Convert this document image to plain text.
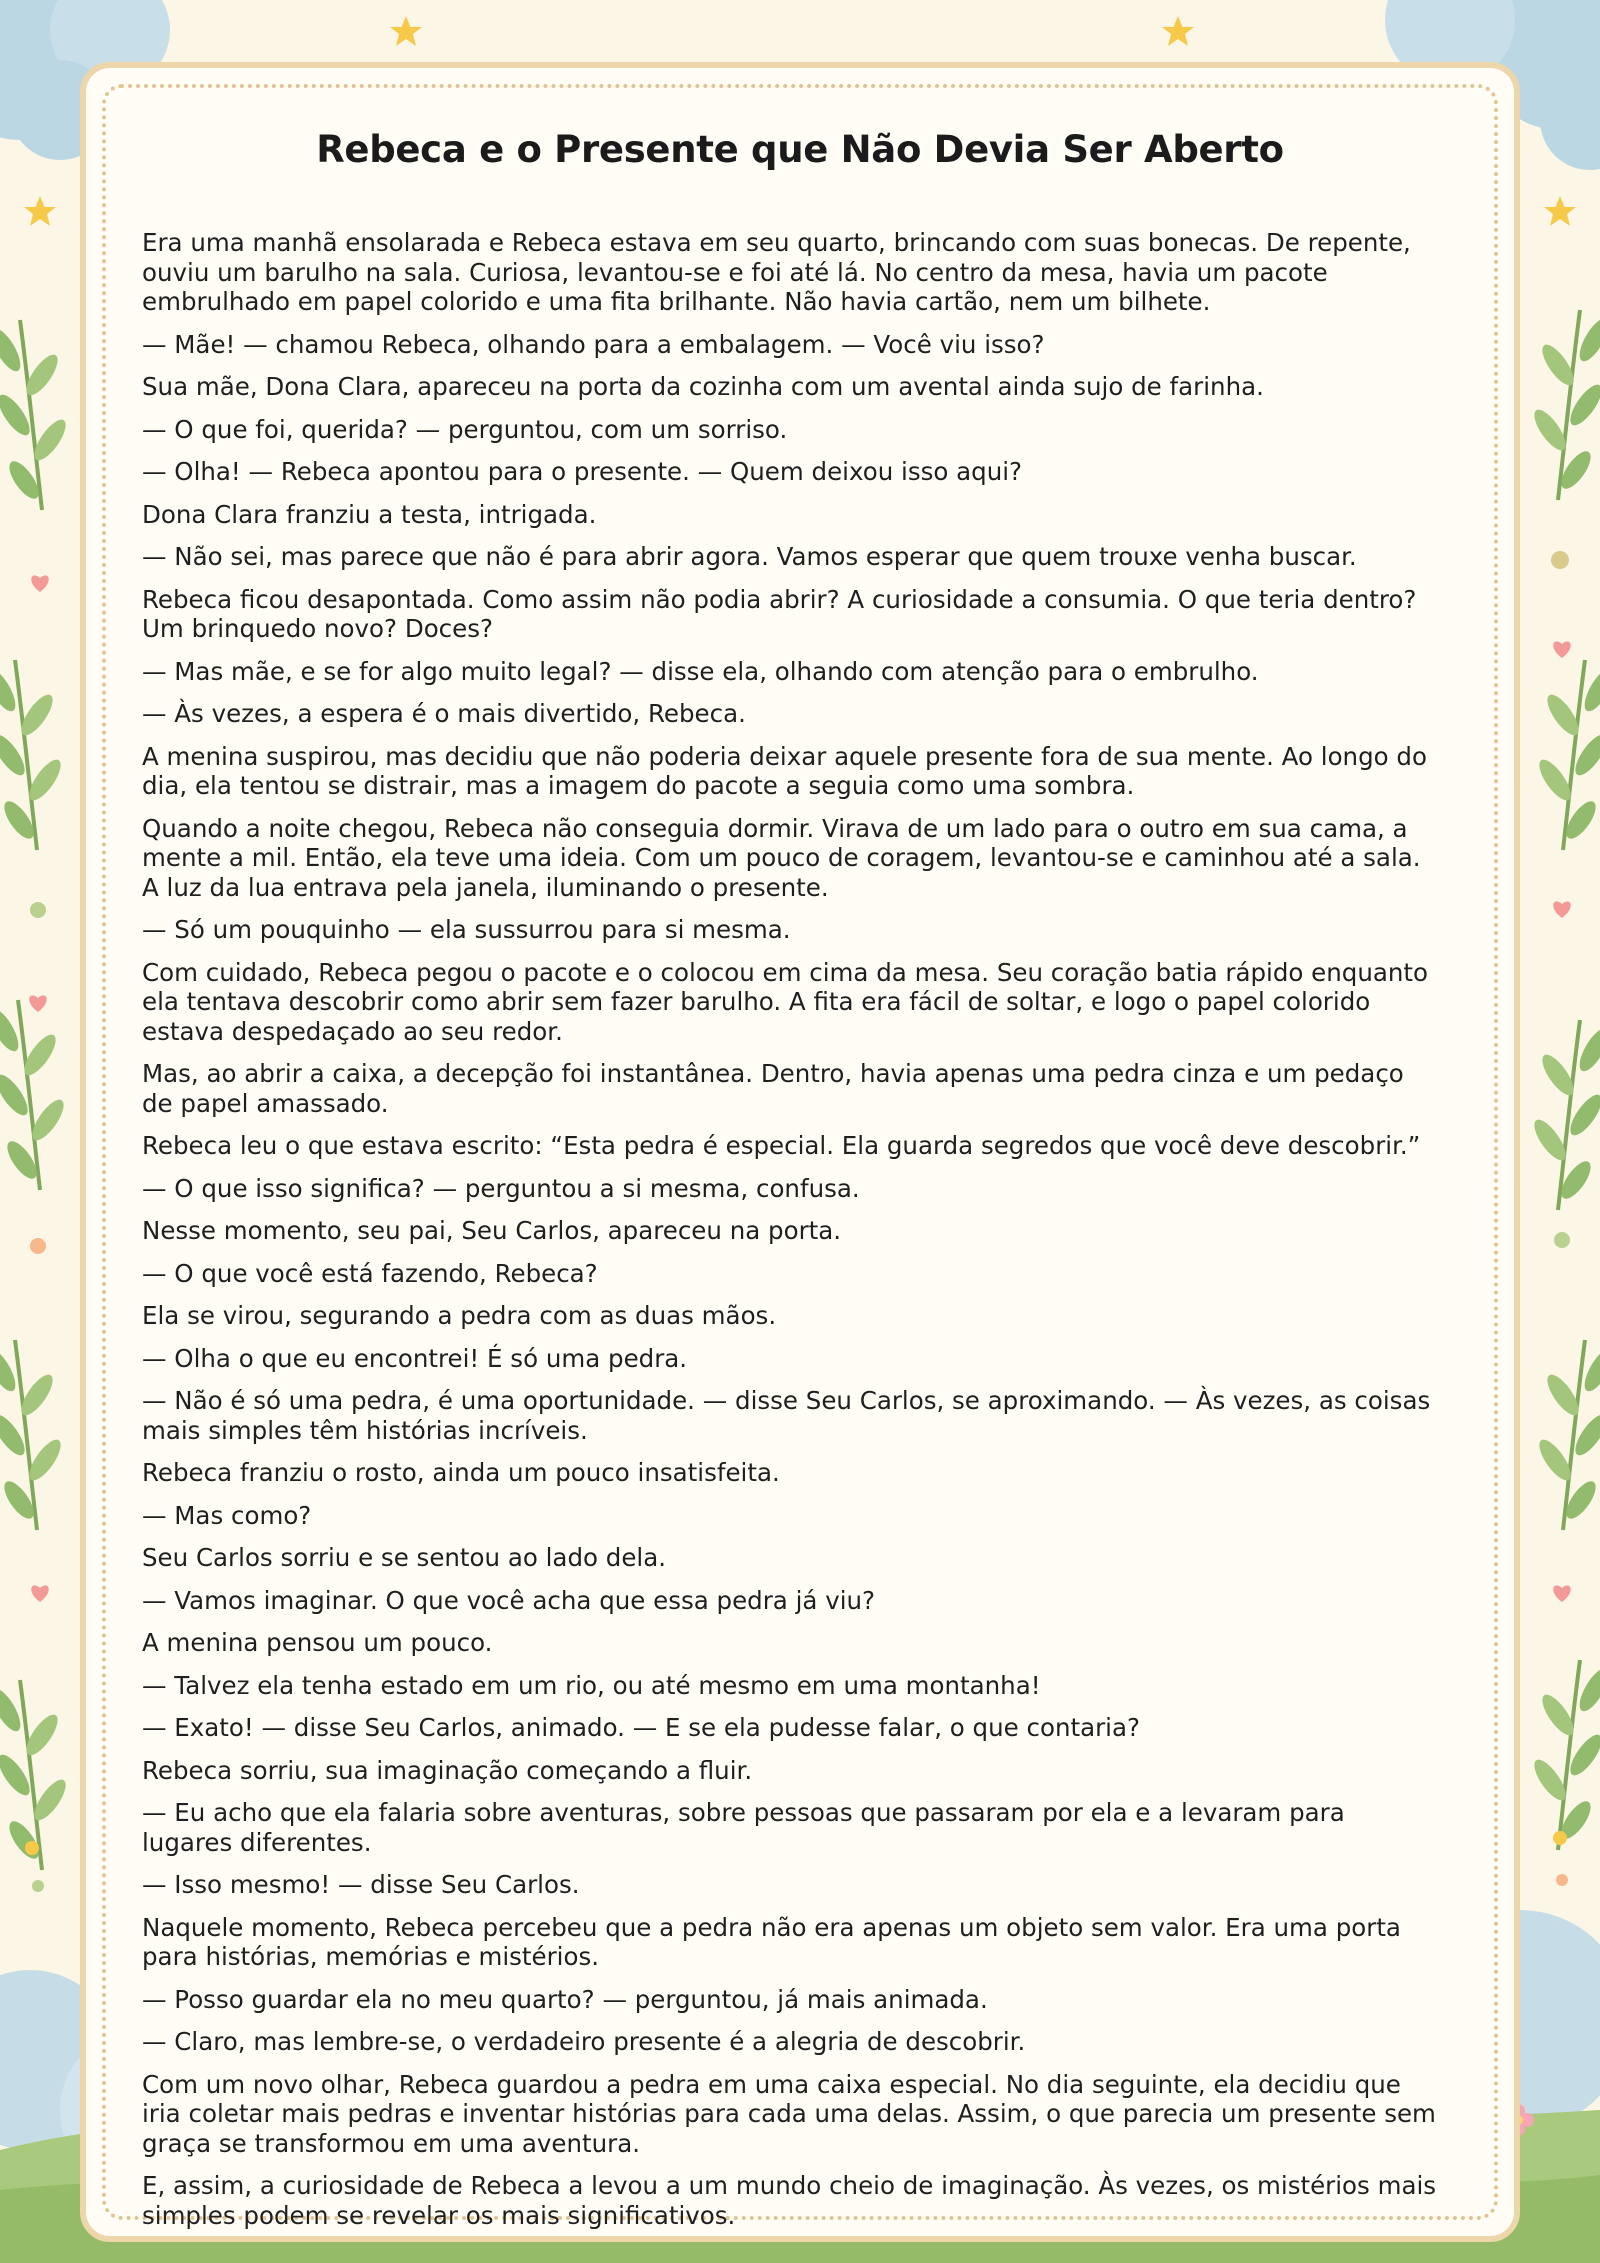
Rebeca e o Presente que Não Devia Ser Aberto

Era uma manhã ensolarada e Rebeca estava em seu quarto, brincando com suas bonecas. De repente, ouviu um barulho na sala. Curiosa, levantou-se e foi até lá. No centro da mesa, havia um pacote embrulhado em papel colorido e uma fita brilhante. Não havia cartão, nem um bilhete.

— Mãe! — chamou Rebeca, olhando para a embalagem. — Você viu isso?

Sua mãe, Dona Clara, apareceu na porta da cozinha com um avental ainda sujo de farinha.

— O que foi, querida? — perguntou, com um sorriso.

— Olha! — Rebeca apontou para o presente. — Quem deixou isso aqui?

Dona Clara franziu a testa, intrigada.

— Não sei, mas parece que não é para abrir agora. Vamos esperar que quem trouxe venha buscar.

Rebeca ficou desapontada. Como assim não podia abrir? A curiosidade a consumia. O que teria dentro? Um brinquedo novo? Doces?

— Mas mãe, e se for algo muito legal? — disse ela, olhando com atenção para o embrulho.

— Às vezes, a espera é o mais divertido, Rebeca.

A menina suspirou, mas decidiu que não poderia deixar aquele presente fora de sua mente. Ao longo do dia, ela tentou se distrair, mas a imagem do pacote a seguia como uma sombra.

Quando a noite chegou, Rebeca não conseguia dormir. Virava de um lado para o outro em sua cama, a mente a mil. Então, ela teve uma ideia. Com um pouco de coragem, levantou-se e caminhou até a sala. A luz da lua entrava pela janela, iluminando o presente.

— Só um pouquinho — ela sussurrou para si mesma.

Com cuidado, Rebeca pegou o pacote e o colocou em cima da mesa. Seu coração batia rápido enquanto ela tentava descobrir como abrir sem fazer barulho. A fita era fácil de soltar, e logo o papel colorido estava despedaçado ao seu redor.

Mas, ao abrir a caixa, a decepção foi instantânea. Dentro, havia apenas uma pedra cinza e um pedaço de papel amassado.

Rebeca leu o que estava escrito: “Esta pedra é especial. Ela guarda segredos que você deve descobrir.”

— O que isso significa? — perguntou a si mesma, confusa.

Nesse momento, seu pai, Seu Carlos, apareceu na porta.

— O que você está fazendo, Rebeca?

Ela se virou, segurando a pedra com as duas mãos.

— Olha o que eu encontrei! É só uma pedra.

— Não é só uma pedra, é uma oportunidade. — disse Seu Carlos, se aproximando. — Às vezes, as coisas mais simples têm histórias incríveis.

Rebeca franziu o rosto, ainda um pouco insatisfeita.

— Mas como?

Seu Carlos sorriu e se sentou ao lado dela.

— Vamos imaginar. O que você acha que essa pedra já viu?

A menina pensou um pouco.

— Talvez ela tenha estado em um rio, ou até mesmo em uma montanha!

— Exato! — disse Seu Carlos, animado. — E se ela pudesse falar, o que contaria?

Rebeca sorriu, sua imaginação começando a fluir.

— Eu acho que ela falaria sobre aventuras, sobre pessoas que passaram por ela e a levaram para lugares diferentes.

— Isso mesmo! — disse Seu Carlos.

Naquele momento, Rebeca percebeu que a pedra não era apenas um objeto sem valor. Era uma porta para histórias, memórias e mistérios.

— Posso guardar ela no meu quarto? — perguntou, já mais animada.

— Claro, mas lembre-se, o verdadeiro presente é a alegria de descobrir.

Com um novo olhar, Rebeca guardou a pedra em uma caixa especial. No dia seguinte, ela decidiu que iria coletar mais pedras e inventar histórias para cada uma delas. Assim, o que parecia um presente sem graça se transformou em uma aventura.

E, assim, a curiosidade de Rebeca a levou a um mundo cheio de imaginação. Às vezes, os mistérios mais simples podem se revelar os mais significativos.
